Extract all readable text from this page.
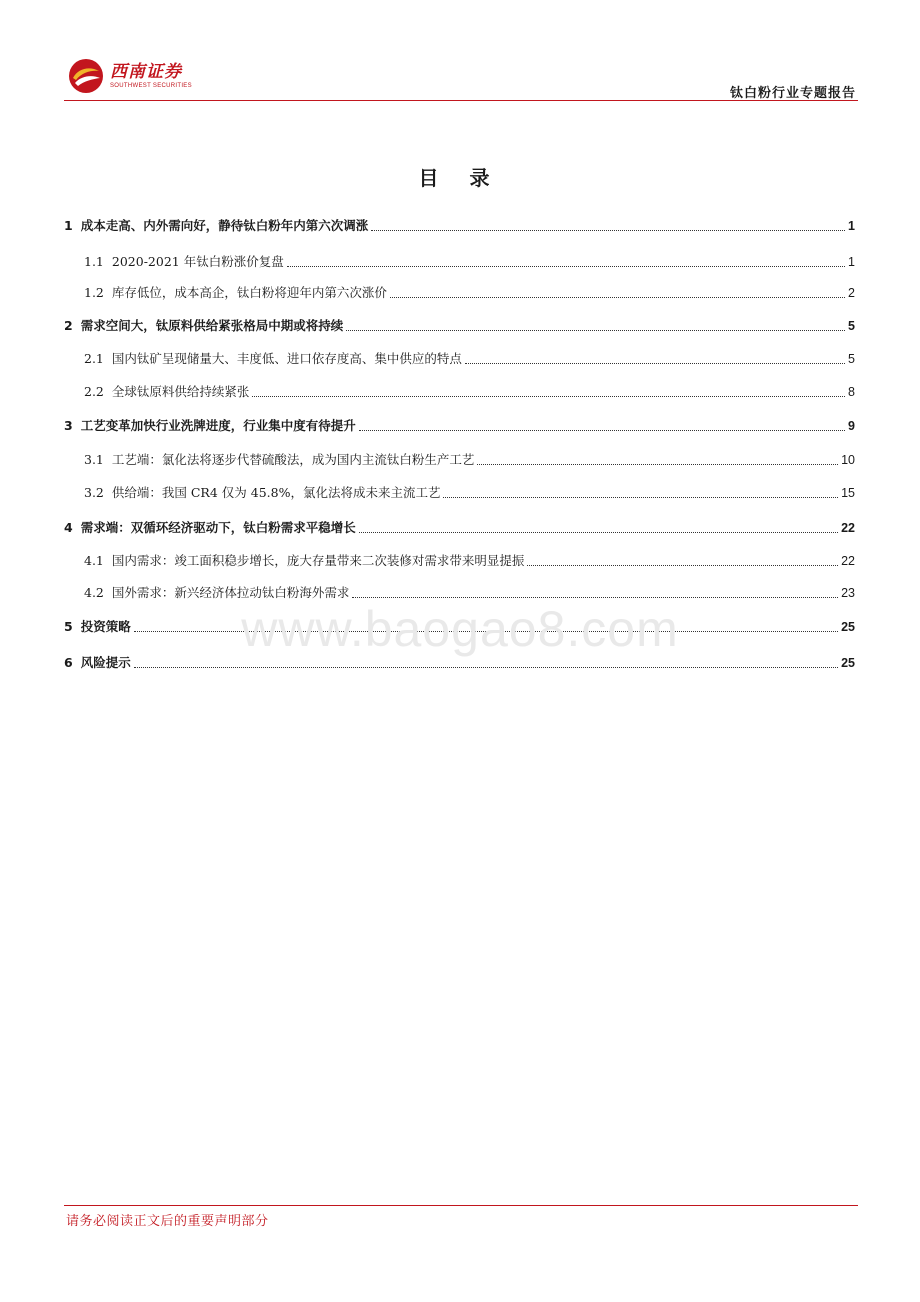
西南证券
SOUTHWEST SECURITIES	钛白粉行业专题报告
目 录
1 成本走高、内外需向好，静待钛白粉年内第六次调涨	1
1.1 2020-2021 年钛白粉涨价复盘	1
1.2 库存低位，成本高企，钛白粉将迎年内第六次涨价	2
2 需求空间大，钛原料供给紧张格局中期或将持续	5
2.1 国内钛矿呈现储量大、丰度低、进口依存度高、集中供应的特点	5
2.2 全球钛原料供给持续紧张	8
3 工艺变革加快行业洗牌进度，行业集中度有待提升	9
3.1 工艺端：氯化法将逐步代替硫酸法，成为国内主流钛白粉生产工艺	10
3.2 供给端：我国 CR4 仅为 45.8%，氯化法将成未来主流工艺	15
4 需求端：双循环经济驱动下，钛白粉需求平稳增长	22
4.1 国内需求：竣工面积稳步增长，庞大存量带来二次装修对需求带来明显提振	22
4.2 国外需求：新兴经济体拉动钛白粉海外需求	23
5 投资策略	25
6 风险提示	25
www.baogao8.com
请务必阅读正文后的重要声明部分
